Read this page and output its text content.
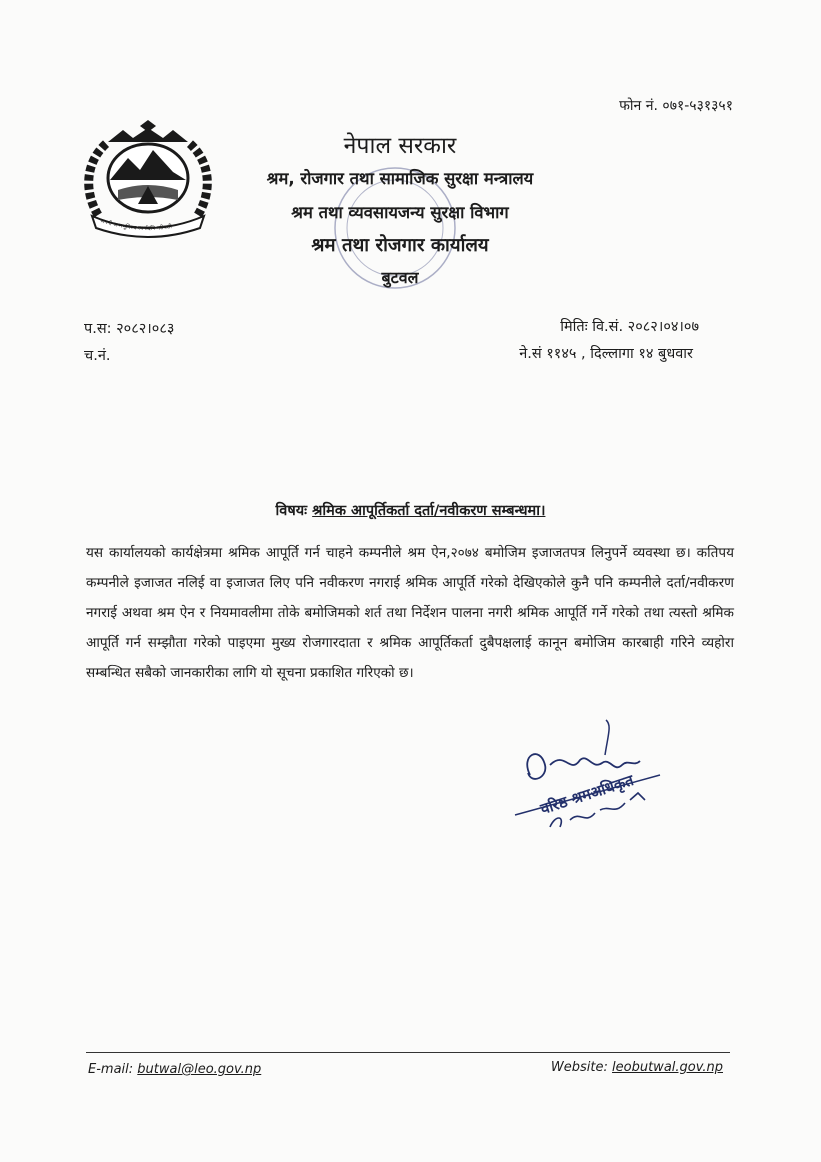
फोन नं. ०७१-५३१३५१
जननी जन्मभूमिश्च स्वर्गादपि गरीयसी
नेपाल सरकार
श्रम, रोजगार तथा सामाजिक सुरक्षा मन्त्रालय
श्रम तथा व्यवसायजन्य सुरक्षा विभाग
श्रम तथा रोजगार कार्यालय
बुटवल
प.स: २०८२।०८३
च.नं.
मितिः वि.सं. २०८२।०४।०७
ने.सं ११४५ , दिल्लागा १४ बुधवार
विषयः श्रमिक आपूर्तिकर्ता दर्ता/नवीकरण सम्बन्धमा।
यस कार्यालयको कार्यक्षेत्रमा श्रमिक आपूर्ति गर्न चाहने कम्पनीले श्रम ऐन,२०७४ बमोजिम इजाजतपत्र लिनुपर्ने व्यवस्था छ। कतिपय कम्पनीले इजाजत नलिई वा इजाजत लिए पनि नवीकरण नगराई श्रमिक आपूर्ति गरेको देखिएकोले कुनै पनि कम्पनीले दर्ता/नवीकरण नगराई अथवा श्रम ऐन र नियमावलीमा तोके बमोजिमको शर्त तथा निर्देशन पालना नगरी श्रमिक आपूर्ति गर्ने गरेको तथा त्यस्तो श्रमिक आपूर्ति गर्न सम्झौता गरेको पाइएमा मुख्य रोजगारदाता र श्रमिक आपूर्तिकर्ता दुबैपक्षलाई कानून बमोजिम कारबाही गरिने व्यहोरा सम्बन्धित सबैको जानकारीका लागि यो सूचना प्रकाशित गरिएको छ।
वरिष्ठ श्रमअधिकृत
E-mail: butwal@leo.gov.np	Website: leobutwal.gov.np
